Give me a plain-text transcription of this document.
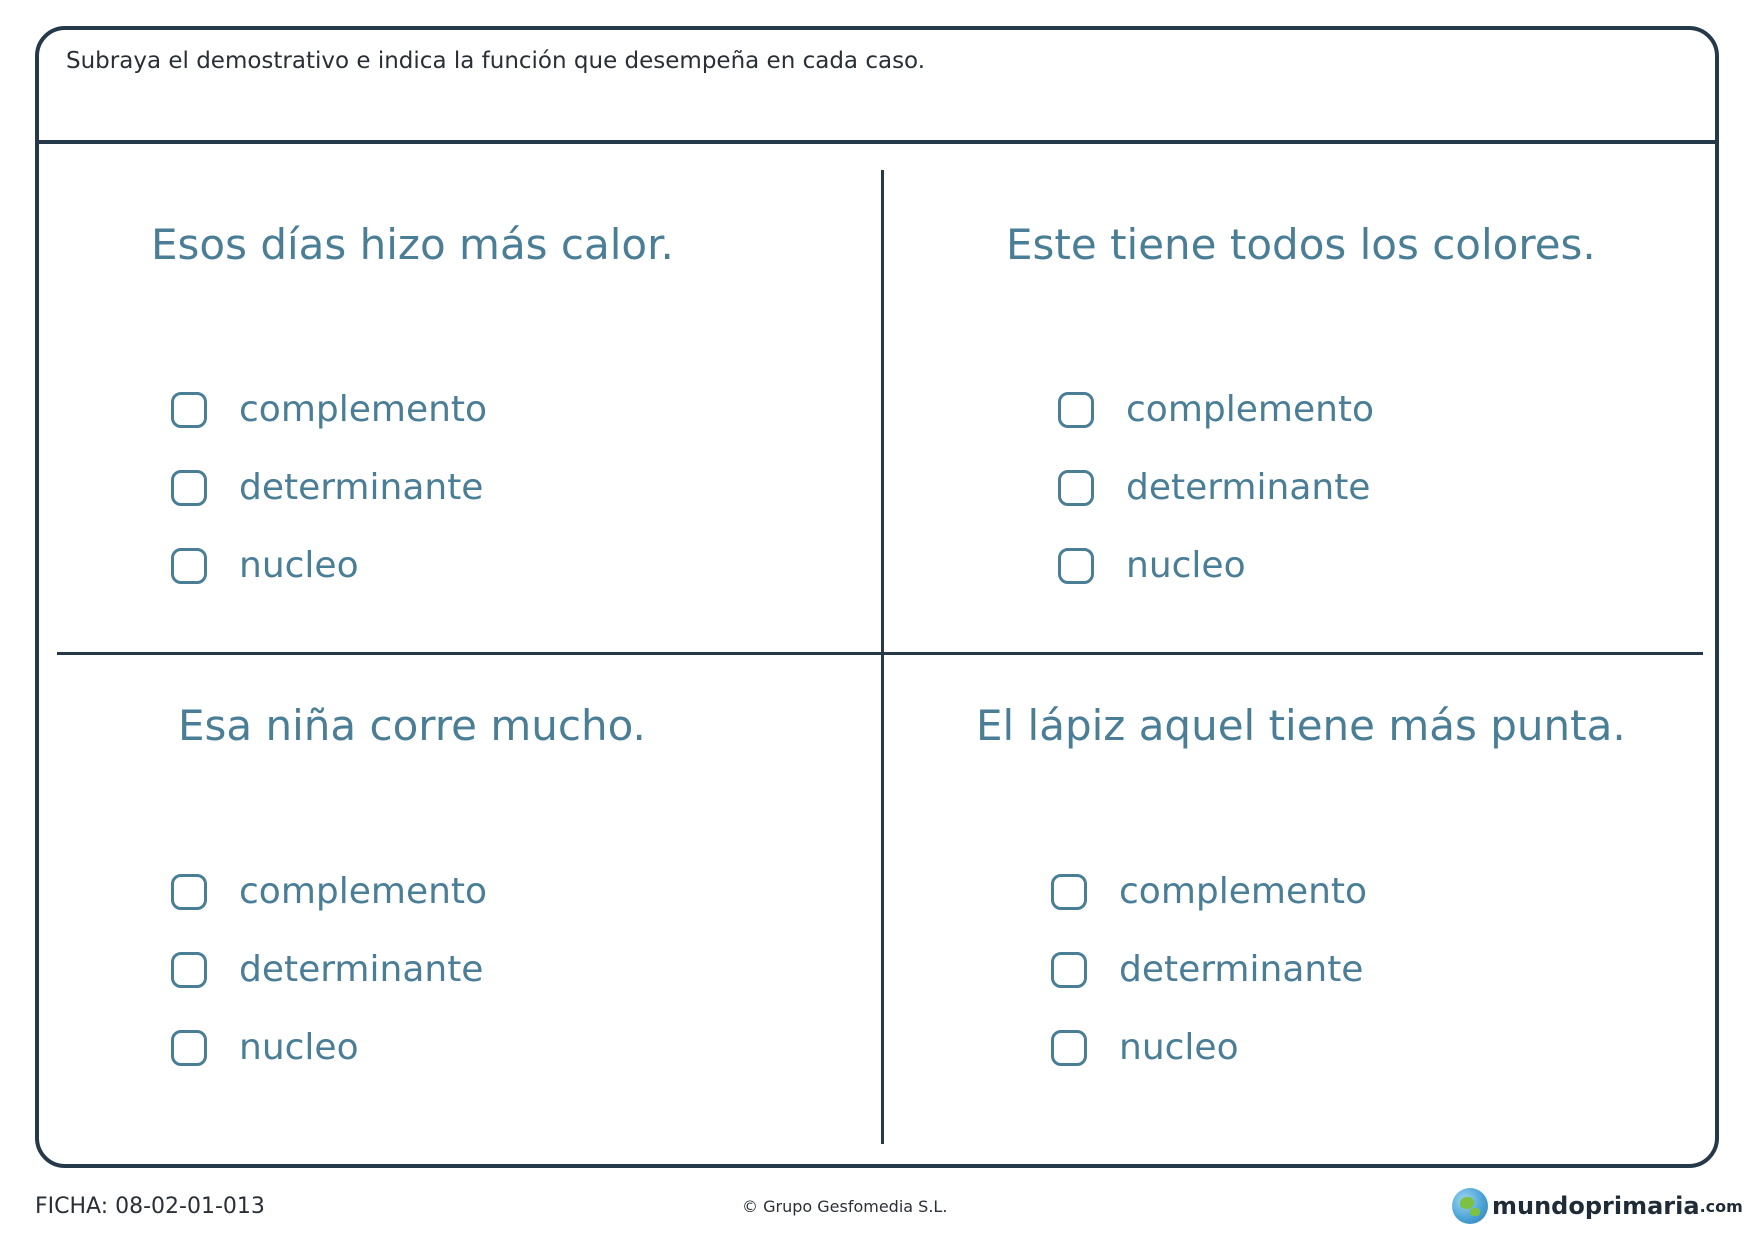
Subraya el demostrativo e indica la función que desempeña en cada caso.
Esos días hizo más calor.
complemento
determinante
nucleo
Este tiene todos los colores.
complemento
determinante
nucleo
Esa niña corre mucho.
complemento
determinante
nucleo
El lápiz aquel tiene más punta.
complemento
determinante
nucleo
FICHA: 08-02-01-013	© Grupo Gesfomedia S.L.	mundoprimaria .com
